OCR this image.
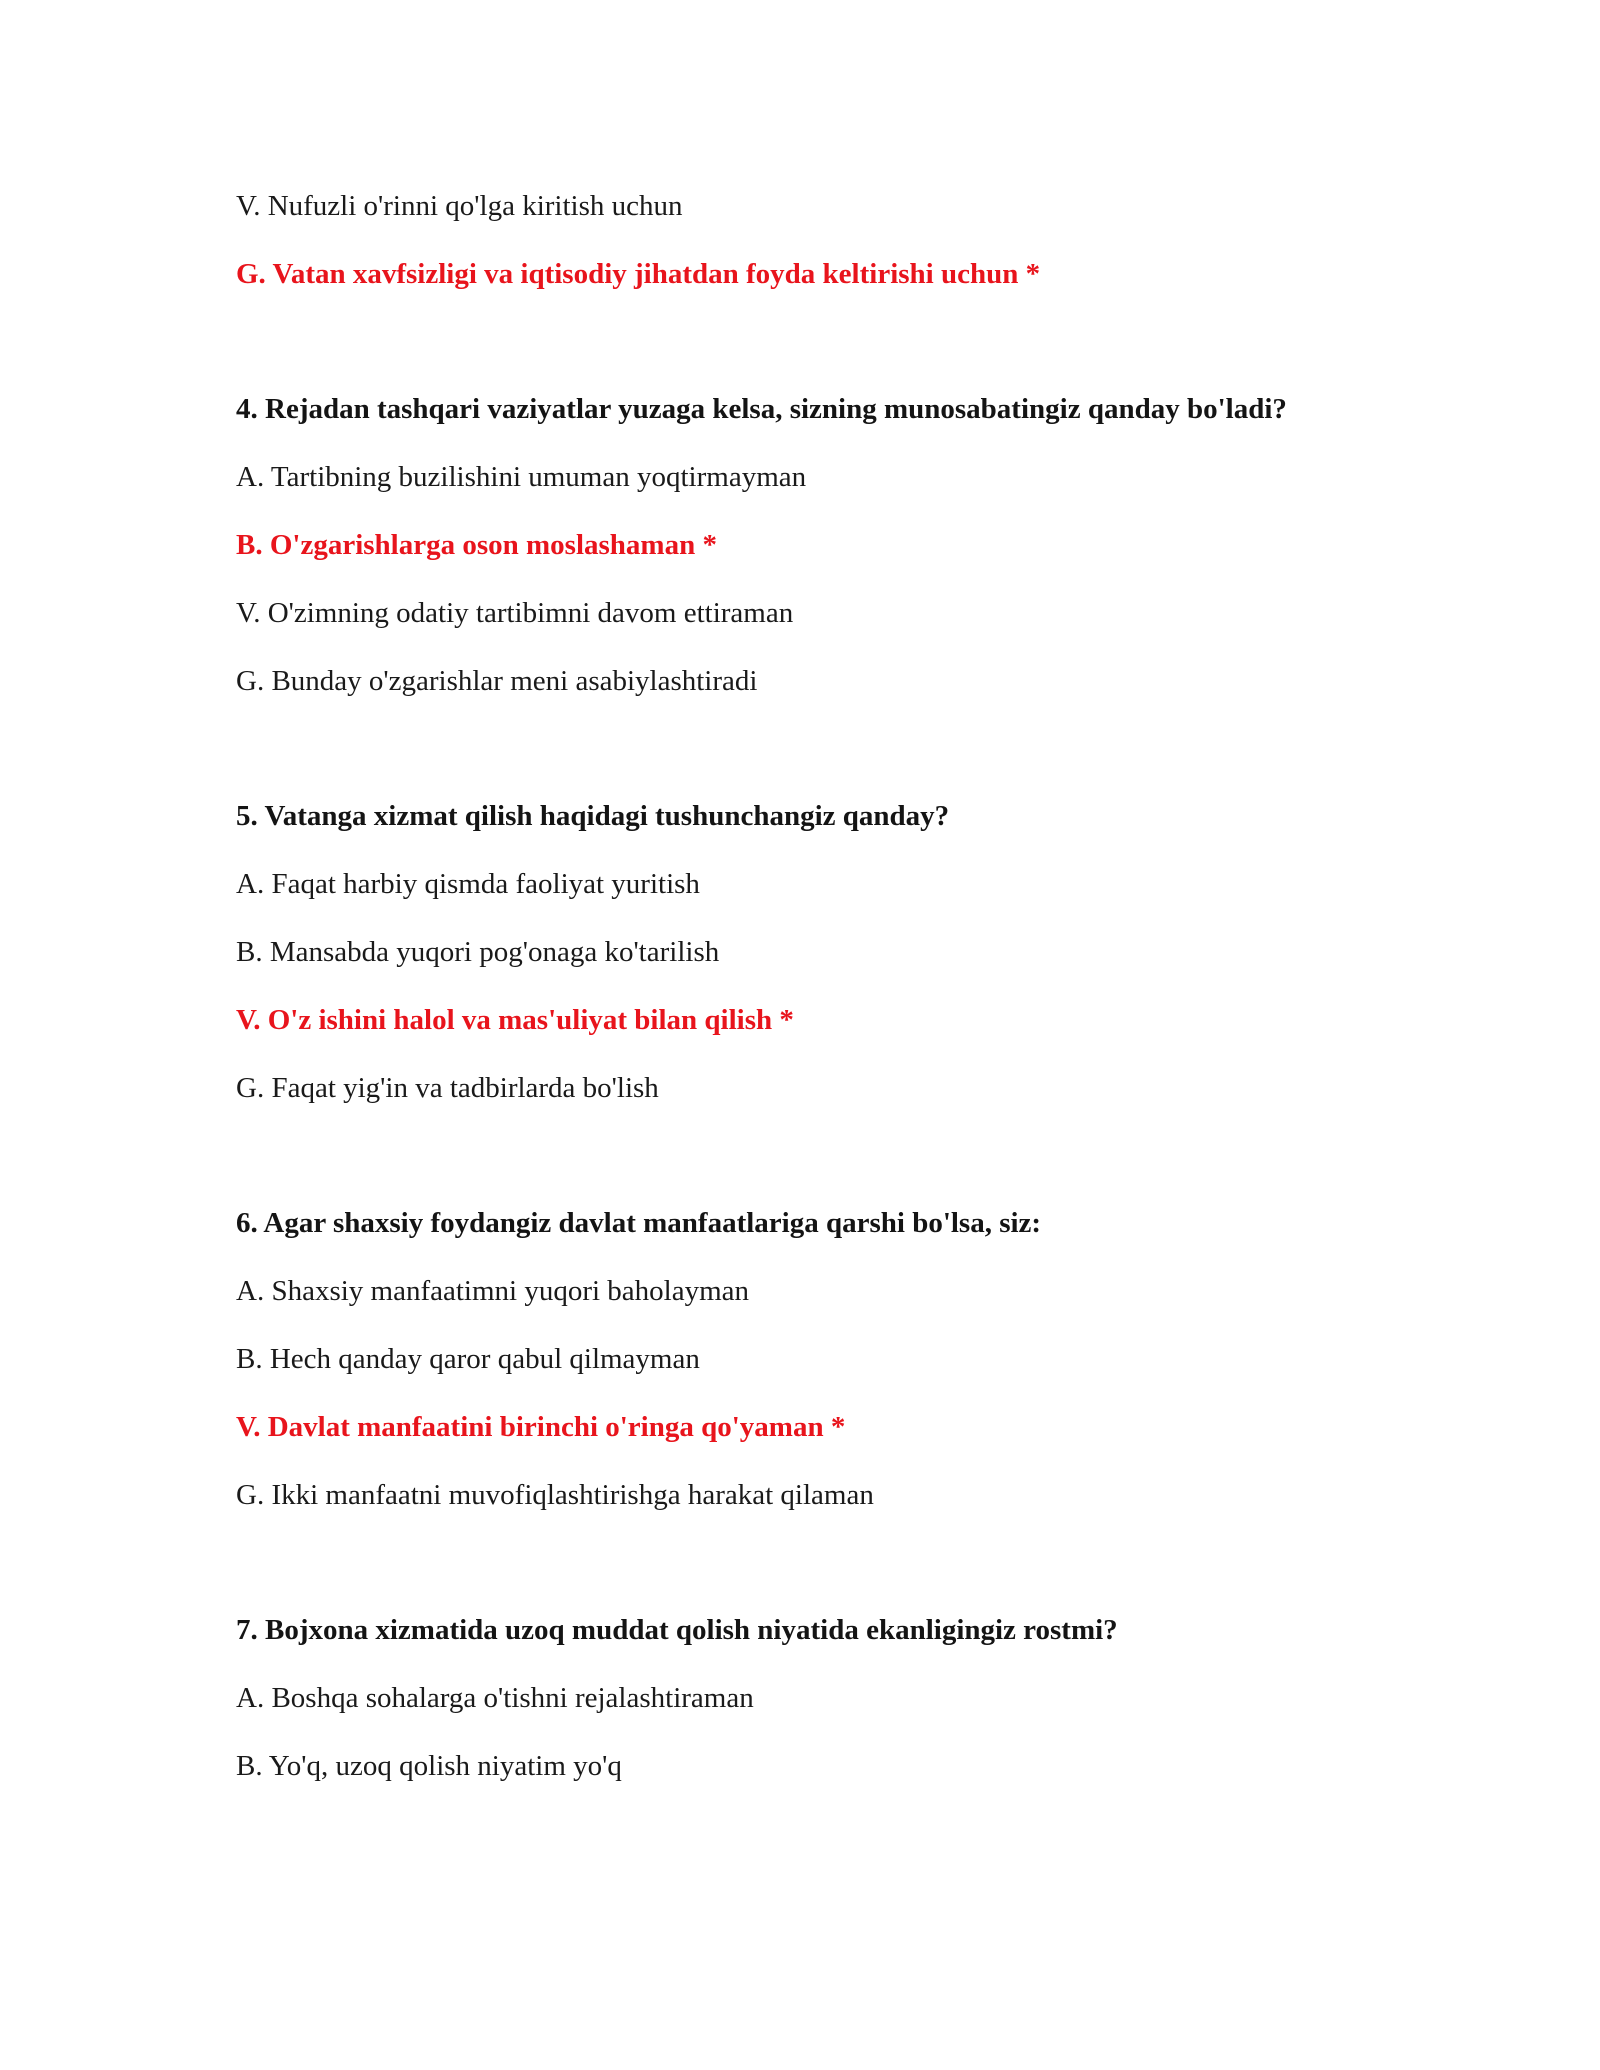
V. Nufuzli o'rinni qo'lga kiritish uchun

G. Vatan xavfsizligi va iqtisodiy jihatdan foyda keltirishi uchun *

4. Rejadan tashqari vaziyatlar yuzaga kelsa, sizning munosabatingiz qanday bo'ladi?

A. Tartibning buzilishini umuman yoqtirmayman

B. O'zgarishlarga oson moslashaman *

V. O'zimning odatiy tartibimni davom ettiraman

G. Bunday o'zgarishlar meni asabiylashtiradi

5. Vatanga xizmat qilish haqidagi tushunchangiz qanday?

A. Faqat harbiy qismda faoliyat yuritish

B. Mansabda yuqori pog'onaga ko'tarilish

V. O'z ishini halol va mas'uliyat bilan qilish *

G. Faqat yig'in va tadbirlarda bo'lish

6. Agar shaxsiy foydangiz davlat manfaatlariga qarshi bo'lsa, siz:

A. Shaxsiy manfaatimni yuqori baholayman

B. Hech qanday qaror qabul qilmayman

V. Davlat manfaatini birinchi o'ringa qo'yaman *

G. Ikki manfaatni muvofiqlashtirishga harakat qilaman

7. Bojxona xizmatida uzoq muddat qolish niyatida ekanligingiz rostmi?

A. Boshqa sohalarga o'tishni rejalashtiraman

B. Yo'q, uzoq qolish niyatim yo'q
